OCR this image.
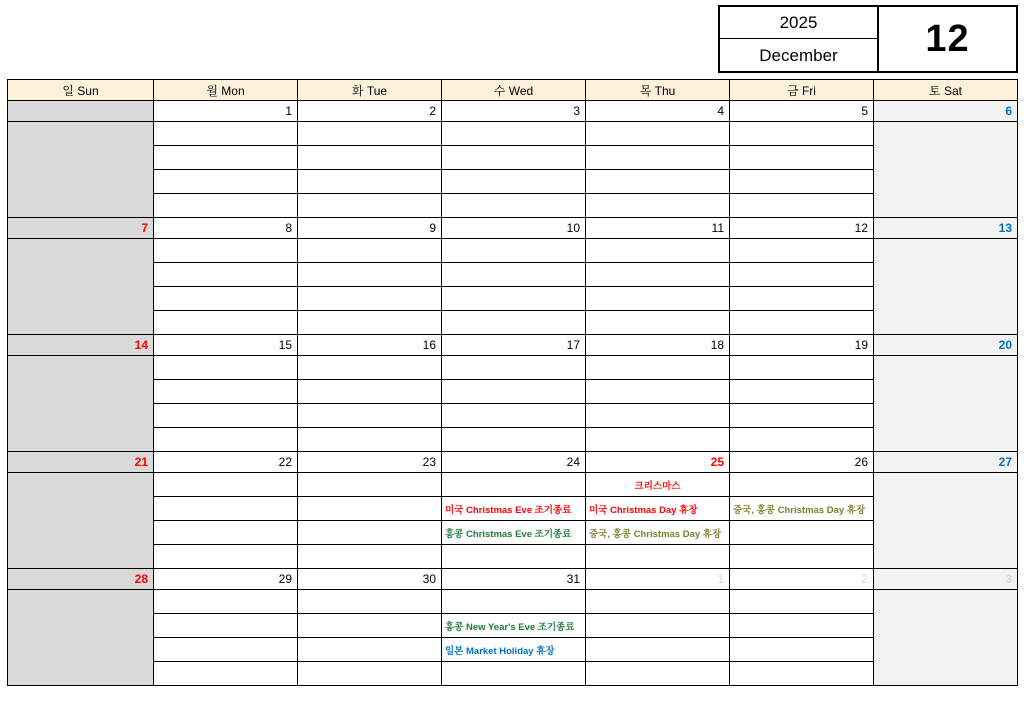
2025
December	12
일 Sun	월 Mon	화 Tue	수 Wed	목 Thu	금 Fri	토 Sat
	1	2	3	4	5	6

7	8	9	10	11	12	13

14	15	16	17	18	19	20

21	22	23	24	25	26	27
				크리스마스		
			미국 Christmas Eve 조기종료	미국 Christmas Day 휴장	중국, 홍콩 Christmas Day 휴장	
			홍콩 Christmas Eve 조기종료	중국, 홍콩 Christmas Day 휴장		

28	29	30	31	1	2	3

			홍콩 New Year's Eve 조기종료			
			일본 Market Holiday 휴장			
